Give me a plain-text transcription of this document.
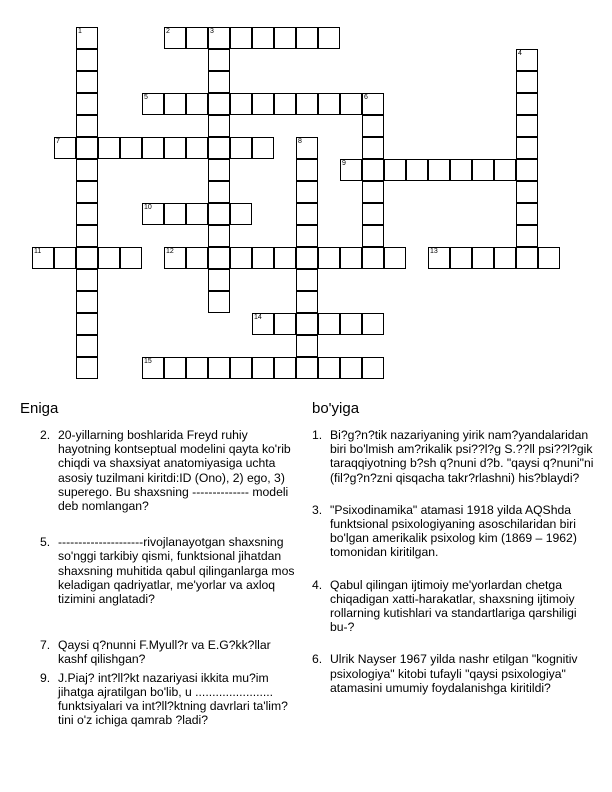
1	2	3
4
5	6
7	8
9
10
11	12	13
14
15
Eniga
2. 20-yillarning boshlarida Freyd ruhiy hayotning kontseptual modelini qayta ko'rib chiqdi va shaxsiyat anatomiyasiga uchta asosiy tuzilmani kiritdi:ID (Ono), 2) ego, 3) superego. Bu shaxsning -------------- modeli deb nomlangan?
5. ---------------------rivojlanayotgan shaxsning so'nggi tarkibiy qismi, funktsional jihatdan shaxsning muhitida qabul qilinganlarga mos keladigan qadriyatlar, me'yorlar va axloq tizimini anglatadi?
7. Qaysi q?nunni F.Myull?r va E.G?kk?llar kashf qilishgan?
9. J.Piaj? int?ll?kt nazariyasi ikkita mu?im jihatga ajratilgan bo'lib, u ....................... funktsiyalari va int?ll?ktning davrlari ta'lim?tini o'z ichiga qamrab ?ladi?
bo'yiga
1. Bi?g?n?tik nazariyaning yirik nam?yandalaridan biri bo'lmish am?rikalik psi??l?g S.??ll psi??l?gik taraqqiyotning b?sh q?nuni d?b. "qaysi q?nuni"ni (fil?g?n?zni qisqacha takr?rlashni) his?blaydi?
3. "Psixodinamika" atamasi 1918 yilda AQShda funktsional psixologiyaning asoschilaridan biri bo'lgan amerikalik psixolog kim (1869 – 1962) tomonidan kiritilgan.
4. Qabul qilingan ijtimoiy me'yorlardan chetga chiqadigan xatti-harakatlar, shaxsning ijtimoiy rollarning kutishlari va standartlariga qarshiligi bu-?
6. Ulrik Nayser 1967 yilda nashr etilgan "kognitiv psixologiya" kitobi tufayli "qaysi psixologiya" atamasini umumiy foydalanishga kiritildi?
